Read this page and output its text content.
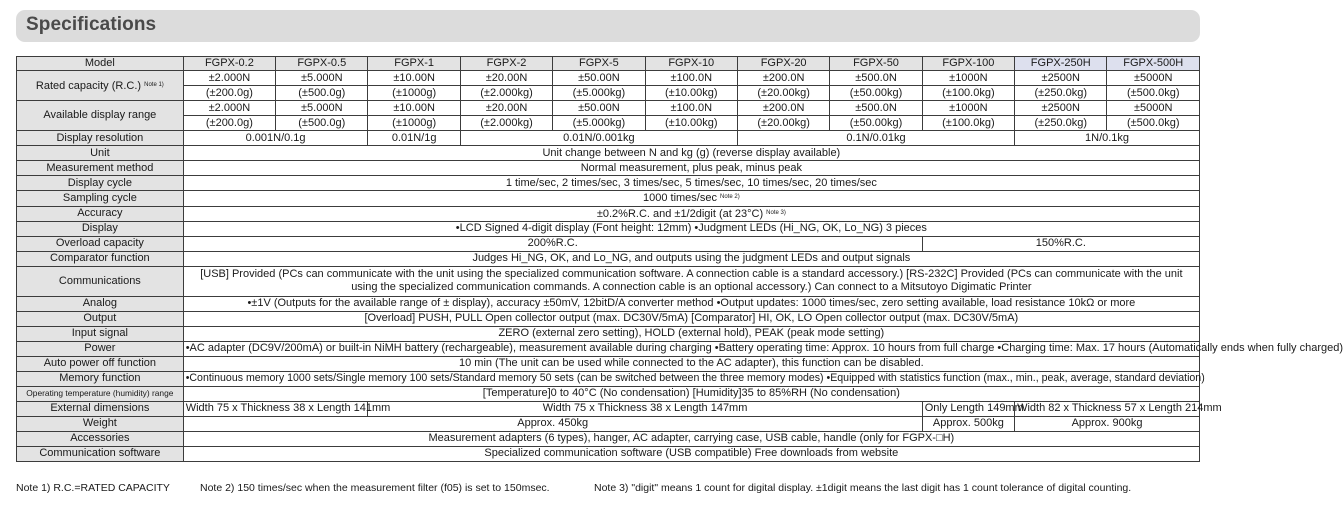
Specifications
Model	FGPX-0.2	FGPX-0.5	FGPX-1	FGPX-2	FGPX-5	FGPX-10	FGPX-20	FGPX-50	FGPX-100	FGPX-250H	FGPX-500H
Rated capacity (R.C.) $^{Note 1)}$	±2.000N	±5.000N	±10.00N	±20.00N	±50.00N	±100.0N	±200.0N	±500.0N	±1000N	±2500N	±5000N
	(±200.0g)	(±500.0g)	(±1000g)	(±2.000kg)	(±5.000kg)	(±10.00kg)	(±20.00kg)	(±50.00kg)	(±100.0kg)	(±250.0kg)	(±500.0kg)
Available display range	±2.000N	±5.000N	±10.00N	±20.00N	±50.00N	±100.0N	±200.0N	±500.0N	±1000N	±2500N	±5000N
	(±200.0g)	(±500.0g)	(±1000g)	(±2.000kg)	(±5.000kg)	(±10.00kg)	(±20.00kg)	(±50.00kg)	(±100.0kg)	(±250.0kg)	(±500.0kg)
Display resolution	0.001N/0.1g		0.01N/1g	0.01N/0.001kg			0.1N/0.01kg			1N/0.1kg	
Unit	Unit change between N and kg (g) (reverse display available)										
Measurement method	Normal measurement, plus peak, minus peak										
Display cycle	1 time/sec, 2 times/sec, 3 times/sec, 5 times/sec, 10 times/sec, 20 times/sec										
Sampling cycle	1000 times/sec $^{Note 2)}$
Accuracy	±0.2%R.C. and ±1/2digit (at 23°C) $^{Note 3)}$
Display	•LCD Signed 4-digit display (Font height: 12mm) •Judgment LEDs (Hi_NG, OK, Lo_NG) 3 pieces										
Overload capacity	200%R.C.								150%R.C.		
Comparator function	Judges Hi_NG, OK, and Lo_NG, and outputs using the judgment LEDs and output signals										
Communications	[USB] Provided (PCs can communicate with the unit using the specialized communication software. A connection cable is a standard accessory.) [RS-232C] Provided (PCs can communicate with the unit using the specialized communication commands. A connection cable is an optional accessory.) Can connect to a Mitsutoyo Digimatic Printer										
Analog	•±1V (Outputs for the available range of ± display), accuracy ±50mV, 12bitD/A converter method •Output updates: 1000 times/sec, zero setting available, load resistance 10kΩ or more										
Output	[Overload] PUSH, PULL Open collector output (max. DC30V/5mA) [Comparator] HI, OK, LO Open collector output (max. DC30V/5mA)										
Input signal	ZERO (external zero setting), HOLD (external hold), PEAK (peak mode setting)										
Power	•AC adapter (DC9V/200mA) or built-in NiMH battery (rechargeable), measurement available during charging •Battery operating time: Approx. 10 hours from full charge •Charging time: Max. 17 hours (Automatically ends when fully charged)										
Auto power off function	10 min (The unit can be used while connected to the AC adapter), this function can be disabled.										
Memory function	•Continuous memory 1000 sets/Single memory 100 sets/Standard memory 50 sets (can be switched between the three memory modes) •Equipped with statistics function (max., min., peak, average, standard deviation)										
Operating temperature (humidity) range	[Temperature]0 to 40°C (No condensation) [Humidity]35 to 85%RH (No condensation)										
External dimensions	Width 75 x Thickness 38 x Length 141mm		Width 75 x Thickness 38 x Length 147mm						Only Length 149mm	Width 82 x Thickness 57 x Length 214mm	
Weight	Approx. 450kg								Approx. 500kg	Approx. 900kg	
Accessories	Measurement adapters (6 types), hanger, AC adapter, carrying case, USB cable, handle (only for FGPX-□H)										
Communication software	Specialized communication software (USB compatible) Free downloads from website										
Note 1) R.C.=RATED CAPACITY	Note 2) 150 times/sec when the measurement filter (f05) is set to 150msec.	Note 3) "digit" means 1 count for digital display. ±1digit means the last digit has 1 count tolerance of digital counting.
